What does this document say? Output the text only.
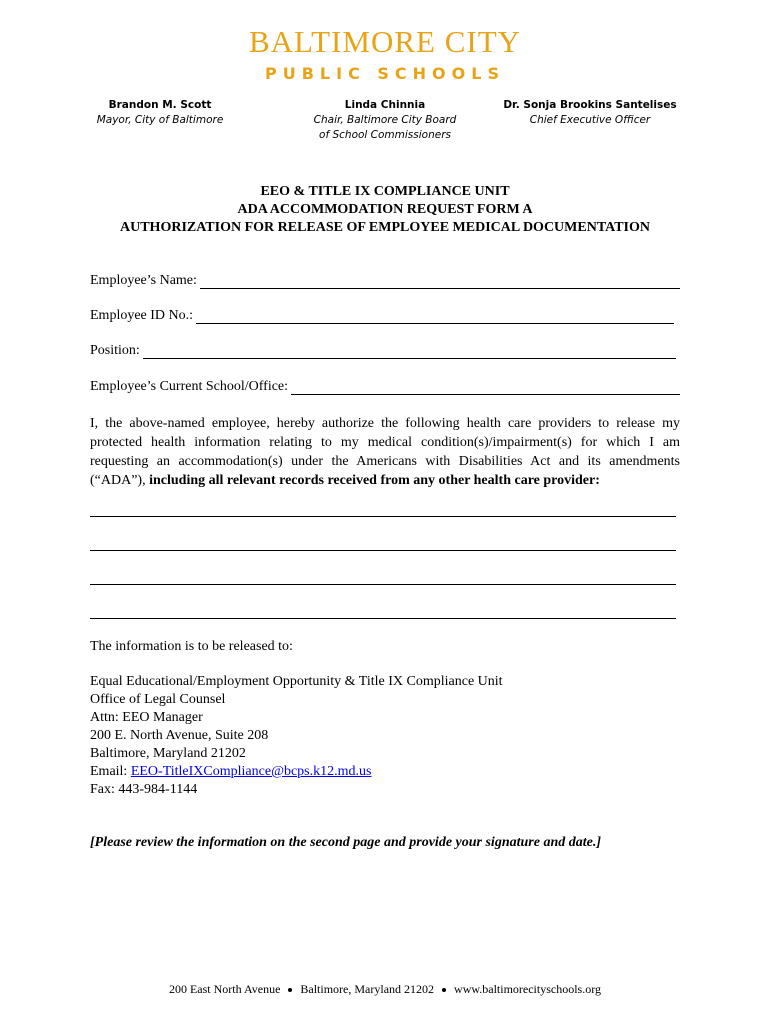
BALTIMORE CITY
PUBLIC SCHOOLS
Brandon M. Scott
Mayor, City of Baltimore
Linda Chinnia
Chair, Baltimore City Board
of School Commissioners
Dr. Sonja Brookins Santelises
Chief Executive Officer
EEO & TITLE IX COMPLIANCE UNIT
ADA ACCOMMODATION REQUEST FORM A
AUTHORIZATION FOR RELEASE OF EMPLOYEE MEDICAL DOCUMENTATION
Employee’s Name:
Employee ID No.:
Position:
Employee’s Current School/Office:
I, the above-named employee, hereby authorize the following health care providers to release my protected health information relating to my medical condition(s)/impairment(s) for which I am requesting an accommodation(s) under the Americans with Disabilities Act and its amendments (“ADA”), including all relevant records received from any other health care provider:
The information is to be released to:
Equal Educational/Employment Opportunity & Title IX Compliance Unit
Office of Legal Counsel
Attn: EEO Manager
200 E. North Avenue, Suite 208
Baltimore, Maryland 21202
Email: EEO-TitleIXCompliance@bcps.k12.md.us
Fax: 443-984-1144
[Please review the information on the second page and provide your signature and date.]
200 East North Avenue Baltimore, Maryland 21202 www.baltimorecityschools.org
